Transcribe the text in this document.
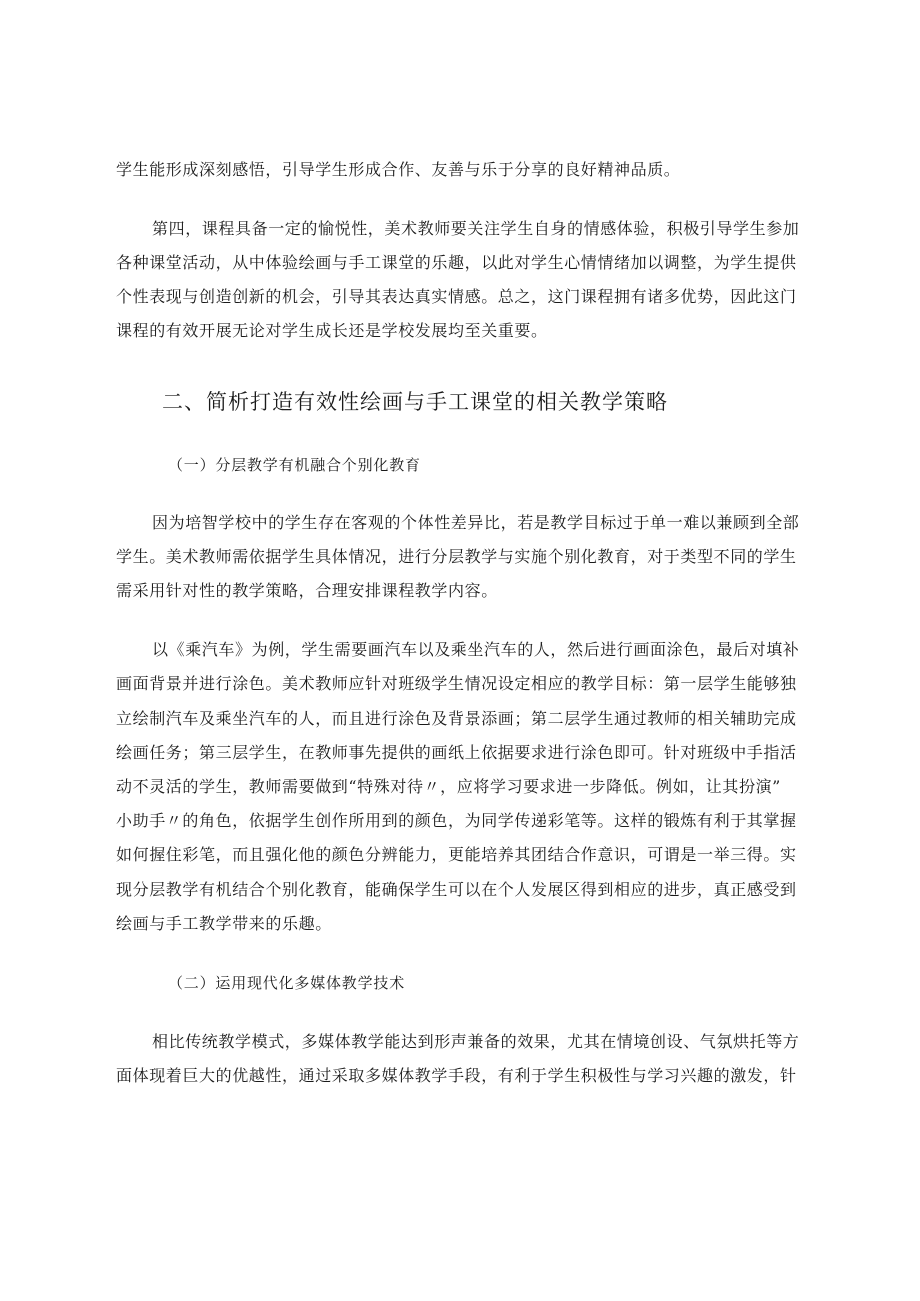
学生能形成深刻感悟，引导学生形成合作、友善与乐于分享的良好精神品质。
第四，课程具备一定的愉悦性，美术教师要关注学生自身的情感体验，积极引导学生参加
各种课堂活动，从中体验绘画与手工课堂的乐趣，以此对学生心情情绪加以调整，为学生提供
个性表现与创造创新的机会，引导其表达真实情感。总之，这门课程拥有诸多优势，因此这门
课程的有效开展无论对学生成长还是学校发展均至关重要。
二、简析打造有效性绘画与手工课堂的相关教学策略
（一）分层教学有机融合个别化教育
因为培智学校中的学生存在客观的个体性差异比，若是教学目标过于单一难以兼顾到全部
学生。美术教师需依据学生具体情况，进行分层教学与实施个别化教育，对于类型不同的学生
需采用针对性的教学策略，合理安排课程教学内容。
以《乘汽车》为例，学生需要画汽车以及乘坐汽车的人，然后进行画面涂色，最后对填补
画面背景并进行涂色。美术教师应针对班级学生情况设定相应的教学目标：第一层学生能够独
立绘制汽车及乘坐汽车的人，而且进行涂色及背景添画；第二层学生通过教师的相关辅助完成
绘画任务；第三层学生，在教师事先提供的画纸上依据要求进行涂色即可。针对班级中手指活
动不灵活的学生，教师需要做到“特殊对待〃，应将学习要求进一步降低。例如，让其扮演”
小助手〃的角色，依据学生创作所用到的颜色，为同学传递彩笔等。这样的锻炼有利于其掌握
如何握住彩笔，而且强化他的颜色分辨能力，更能培养其团结合作意识，可谓是一举三得。实
现分层教学有机结合个别化教育，能确保学生可以在个人发展区得到相应的进步，真正感受到
绘画与手工教学带来的乐趣。
（二）运用现代化多媒体教学技术
相比传统教学模式，多媒体教学能达到形声兼备的效果，尤其在情境创设、气氛烘托等方
面体现着巨大的优越性，通过采取多媒体教学手段，有利于学生积极性与学习兴趣的激发，针
